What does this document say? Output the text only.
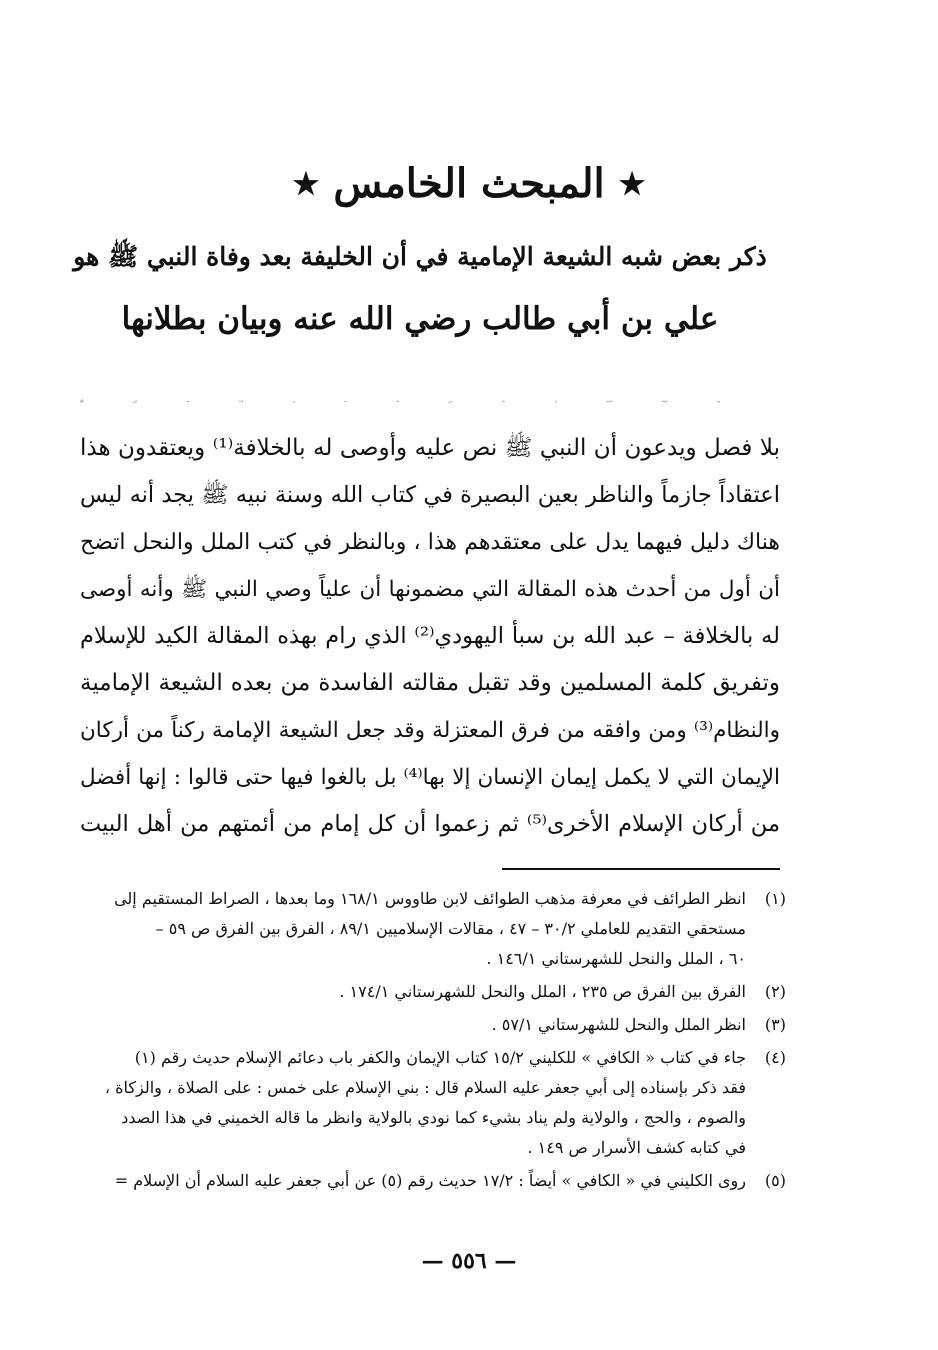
★ المبحث الخامس ★
ذكر بعض شبه الشيعة الإمامية في أن الخليفة بعد وفاة النبي ﷺ هو
علي بن أبي طالب رضي الله عنه وبيان بطلانها
يزعم الشيعة الإمامية بأن علياً رضي الله عنه هو الإمام بعد النبي ﷺ
بلا فصل ويدعون أن النبي ﷺ نص عليه وأوصى له بالخلافة⁽¹⁾ ويعتقدون هذا
اعتقاداً جازماً والناظر بعين البصيرة في كتاب الله وسنة نبيه ﷺ يجد أنه ليس
هناك دليل فيهما يدل على معتقدهم هذا ، وبالنظر في كتب الملل والنحل اتضح
أن أول من أحدث هذه المقالة التي مضمونها أن علياً وصي النبي ﷺ وأنه أوصى
له بالخلافة – عبد الله بن سبأ اليهودي⁽²⁾ الذي رام بهذه المقالة الكيد للإسلام
وتفريق كلمة المسلمين وقد تقبل مقالته الفاسدة من بعده الشيعة الإمامية
والنظام⁽³⁾ ومن وافقه من فرق المعتزلة وقد جعل الشيعة الإمامة ركناً من أركان
الإيمان التي لا يكمل إيمان الإنسان إلا بها⁽⁴⁾ بل بالغوا فيها حتى قالوا : إنها أفضل
من أركان الإسلام الأخرى⁽⁵⁾ ثم زعموا أن كل إمام من أئمتهم من أهل البيت
(١)
انظر الطرائف في معرفة مذهب الطوائف لابن طاووس ١٦٨/١ وما بعدها ، الصراط المستقيم إلى
مستحقي التقديم للعاملي ٣٠/٢ – ٤٧ ، مقالات الإسلاميين ٨٩/١ ، الفرق بين الفرق ص ٥٩ –
٦٠ ، الملل والنحل للشهرستاني ١٤٦/١ .
(٢)
الفرق بين الفرق ص ٢٣٥ ، الملل والنحل للشهرستاني ١٧٤/١ .
(٣)
انظر الملل والنحل للشهرستاني ٥٧/١ .
(٤)
جاء في كتاب « الكافي » للكليني ١٥/٢ كتاب الإيمان والكفر باب دعائم الإسلام حديث رقم (١)
فقد ذكر بإسناده إلى أبي جعفر عليه السلام قال : بني الإسلام على خمس : على الصلاة ، والزكاة ،
والصوم ، والحج ، والولاية ولم يناد بشيء كما نودي بالولاية وانظر ما قاله الخميني في هذا الصدد
في كتابه كشف الأسرار ص ١٤٩ .
(٥)
روى الكليني في « الكافي » أيضاً : ١٧/٢ حديث رقم (٥) عن أبي جعفر عليه السلام أن الإسلام =
— ٥٥٦ —
